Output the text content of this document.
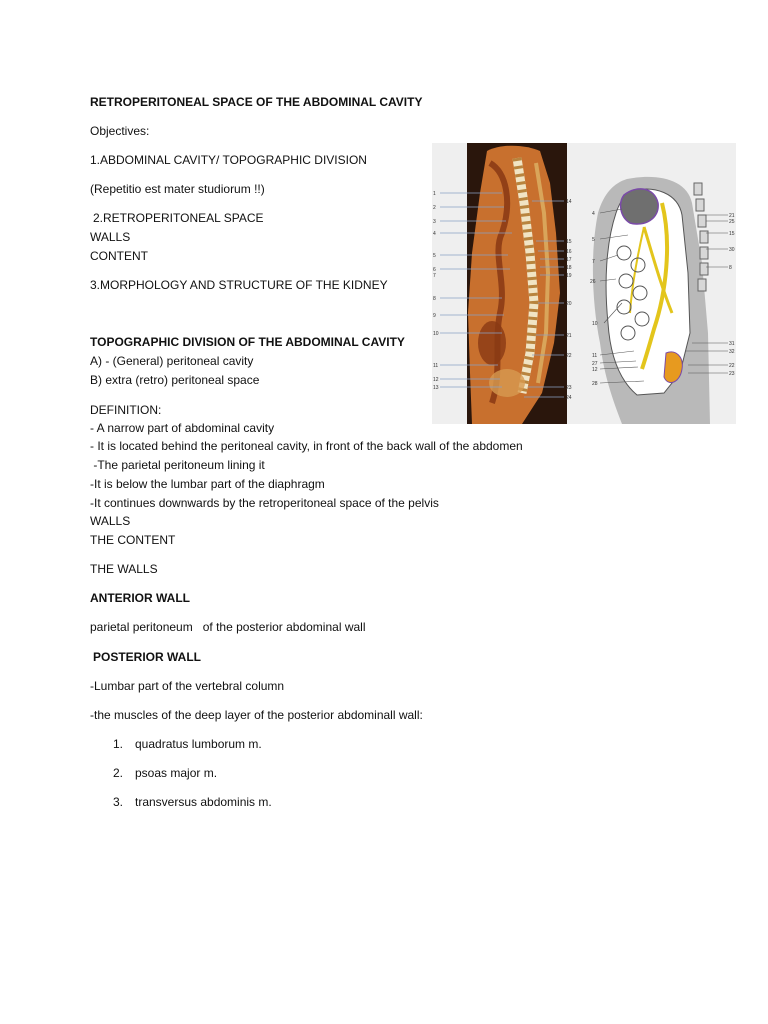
RETROPERITONEAL SPACE OF THE ABDOMINAL CAVITY
Objectives:
1.ABDOMINAL CAVITY/ TOPOGRAPHIC DIVISION
(Repetitio est mater studiorum !!)
2.RETROPERITONEAL SPACE
WALLS
CONTENT
3.MORPHOLOGY AND STRUCTURE OF THE KIDNEY
TOPOGRAPHIC DIVISION OF THE ABDOMINAL CAVITY
A) - (General) peritoneal cavity
B) extra (retro) peritoneal space
DEFINITION:
- A narrow part of abdominal cavity
- It is located behind the peritoneal cavity, in front of the back wall of the abdomen
-The parietal peritoneum lining it
-It is below the lumbar part of the diaphragm
-It continues downwards by the retroperitoneal space of the pelvis
WALLS
THE CONTENT
THE WALLS
ANTERIOR WALL
parietal peritoneum   of the posterior abdominal wall
POSTERIOR WALL
-Lumbar part of the vertebral column
-the muscles of the deep layer of the posterior abdominall wall:
1. quadratus lumborum m.
2. psoas major m.
3. transversus abdominis m.
1
2
3
4
5
6
7
8
9
10
11
12
13
14
15
16
17
18
19
20
21
22
23
24
4
5
7
26
10
11
27
12
28
21
25
15
30
8
31
32
22
23
